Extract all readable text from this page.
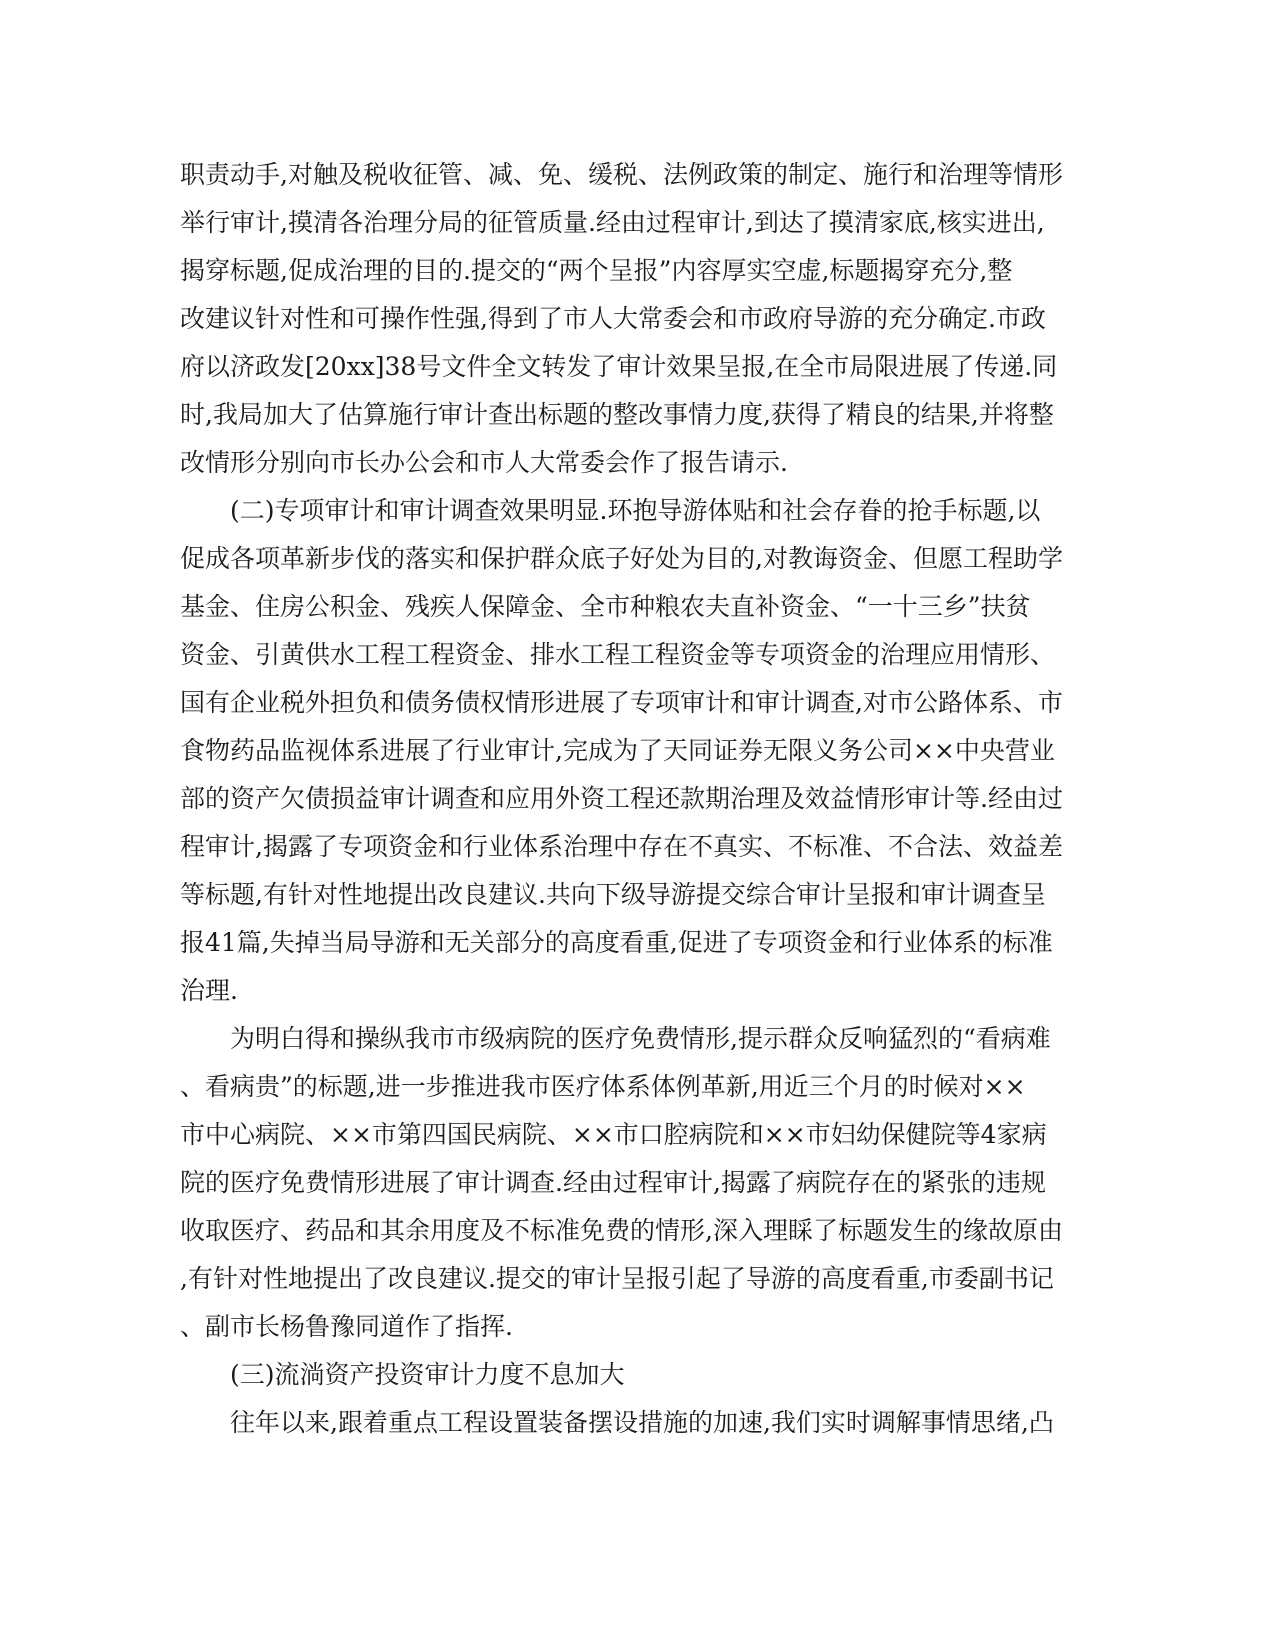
职责动手,对触及税收征管、减、免、缓税、法例政策的制定、施行和治理等情形
举行审计,摸清各治理分局的征管质量.经由过程审计,到达了摸清家底,核实进出,
揭穿标题,促成治理的目的.提交的“两个呈报”内容厚实空虚,标题揭穿充分,整
改建议针对性和可操作性强,得到了市人大常委会和市政府导游的充分确定.市政
府以济政发[20xx]38号文件全文转发了审计效果呈报,在全市局限进展了传递.同
时,我局加大了估算施行审计查出标题的整改事情力度,获得了精良的结果,并将整
改情形分别向市长办公会和市人大常委会作了报告请示.
(二)专项审计和审计调查效果明显.环抱导游体贴和社会存眷的抢手标题,以
促成各项革新步伐的落实和保护群众底子好处为目的,对教诲资金、但愿工程助学
基金、住房公积金、残疾人保障金、全市种粮农夫直补资金、“一十三乡”扶贫
资金、引黄供水工程工程资金、排水工程工程资金等专项资金的治理应用情形、
国有企业税外担负和债务债权情形进展了专项审计和审计调查,对市公路体系、市
食物药品监视体系进展了行业审计,完成为了天同证券无限义务公司××中央营业
部的资产欠债损益审计调查和应用外资工程还款期治理及效益情形审计等.经由过
程审计,揭露了专项资金和行业体系治理中存在不真实、不标准、不合法、效益差
等标题,有针对性地提出改良建议.共向下级导游提交综合审计呈报和审计调查呈
报41篇,失掉当局导游和无关部分的高度看重,促进了专项资金和行业体系的标准
治理.
为明白得和操纵我市市级病院的医疗免费情形,提示群众反响猛烈的“看病难
、看病贵”的标题,进一步推进我市医疗体系体例革新,用近三个月的时候对××
市中心病院、××市第四国民病院、××市口腔病院和××市妇幼保健院等4家病
院的医疗免费情形进展了审计调查.经由过程审计,揭露了病院存在的紧张的违规
收取医疗、药品和其余用度及不标准免费的情形,深入理睬了标题发生的缘故原由
,有针对性地提出了改良建议.提交的审计呈报引起了导游的高度看重,市委副书记
、副市长杨鲁豫同道作了指挥.
(三)流淌资产投资审计力度不息加大
往年以来,跟着重点工程设置装备摆设措施的加速,我们实时调解事情思绪,凸
